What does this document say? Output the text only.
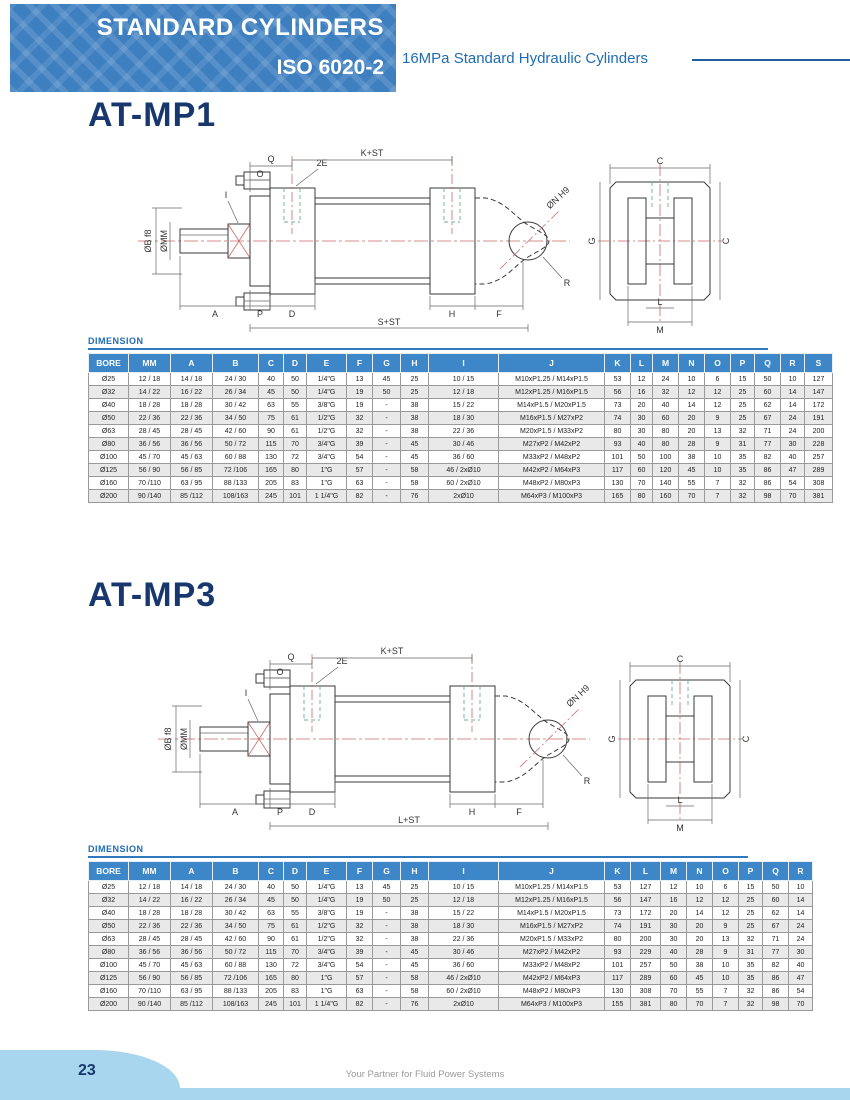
STANDARD CYLINDERS
ISO 6020-2 16MPa Standard Hydraulic Cylinders
AT-MP1
ØN H9
R
Q
O
2E
K+ST
ØB f8 ØMM
I
A	P	D	H	F
S+ST
C
G	C
L
M
DIMENSION
BORE	MM	A	B	C	D	E	F	G	H	I	J	K	L	M	N	O	P	Q	R	S
Ø25	12 / 18	14 / 18	24 / 30	40	50	1/4"G	13	45	25	10 / 15	M10xP1.25 / M14xP1.5	53	12	24	10	6	15	50	10	127
Ø32	14 / 22	16 / 22	26 / 34	45	50	1/4"G	19	50	25	12 / 18	M12xP1.25 / M16xP1.5	56	16	32	12	12	25	60	14	147
Ø40	18 / 28	18 / 28	30 / 42	63	55	3/8"G	19	-	38	15 / 22	M14xP1.5 / M20xP1.5	73	20	40	14	12	25	62	14	172
Ø50	22 / 36	22 / 36	34 / 50	75	61	1/2"G	32	-	38	18 / 30	M16xP1.5 / M27xP2	74	30	60	20	9	25	67	24	191
Ø63	28 / 45	28 / 45	42 / 60	90	61	1/2"G	32	-	38	22 / 36	M20xP1.5 / M33xP2	80	30	80	20	13	32	71	24	200
Ø80	36 / 56	36 / 56	50 / 72	115	70	3/4"G	39	-	45	30 / 46	M27xP2 / M42xP2	93	40	80	28	9	31	77	30	228
Ø100	45 / 70	45 / 63	60 / 88	130	72	3/4"G	54	-	45	36 / 60	M33xP2 / M48xP2	101	50	100	38	10	35	82	40	257
Ø125	56 / 90	56 / 85	72 /106	165	80	1"G	57	-	58	46 / 2xØ10	M42xP2 / M64xP3	117	60	120	45	10	35	86	47	289
Ø160	70 /110	63 / 95	88 /133	205	83	1"G	63	-	58	60 / 2xØ10	M48xP2 / M80xP3	130	70	140	55	7	32	86	54	308
Ø200	90 /140	85 /112	108/163	245	101	1 1/4"G	82	-	76	2xØ10	M64xP3 / M100xP3	165	80	160	70	7	32	98	70	381
AT-MP3
ØN H9
R
Q
O
2E
K+ST
ØB f8 ØMM
I
A	P	D	H	F
L+ST
C
G	C
L
M
DIMENSION
BORE	MM	A	B	C	D	E	F	G	H	I	J	K	L	M	N	O	P	Q	R
Ø25	12 / 18	14 / 18	24 / 30	40	50	1/4"G	13	45	25	10 / 15	M10xP1.25 / M14xP1.5	53	127	12	10	6	15	50	10
Ø32	14 / 22	16 / 22	26 / 34	45	50	1/4"G	19	50	25	12 / 18	M12xP1.25 / M16xP1.5	56	147	16	12	12	25	60	14
Ø40	18 / 28	18 / 28	30 / 42	63	55	3/8"G	19	-	38	15 / 22	M14xP1.5 / M20xP1.5	73	172	20	14	12	25	62	14
Ø50	22 / 36	22 / 36	34 / 50	75	61	1/2"G	32	-	38	18 / 30	M16xP1.5 / M27xP2	74	191	30	20	9	25	67	24
Ø63	28 / 45	28 / 45	42 / 60	90	61	1/2"G	32	-	38	22 / 36	M20xP1.5 / M33xP2	80	200	30	20	13	32	71	24
Ø80	36 / 56	36 / 56	50 / 72	115	70	3/4"G	39	-	45	30 / 46	M27xP2 / M42xP2	93	229	40	28	9	31	77	30
Ø100	45 / 70	45 / 63	60 / 88	130	72	3/4"G	54	-	45	36 / 60	M33xP2 / M48xP2	101	257	50	38	10	35	82	40
Ø125	56 / 90	56 / 85	72 /106	165	80	1"G	57	-	58	46 / 2xØ10	M42xP2 / M64xP3	117	289	60	45	10	35	86	47
Ø160	70 /110	63 / 95	88 /133	205	83	1"G	63	-	58	60 / 2xØ10	M48xP2 / M80xP3	130	308	70	55	7	32	86	54
Ø200	90 /140	85 /112	108/163	245	101	1 1/4"G	82	-	76	2xØ10	M64xP3 / M100xP3	155	381	80	70	7	32	98	70
23	Your Partner for Fluid Power Systems
